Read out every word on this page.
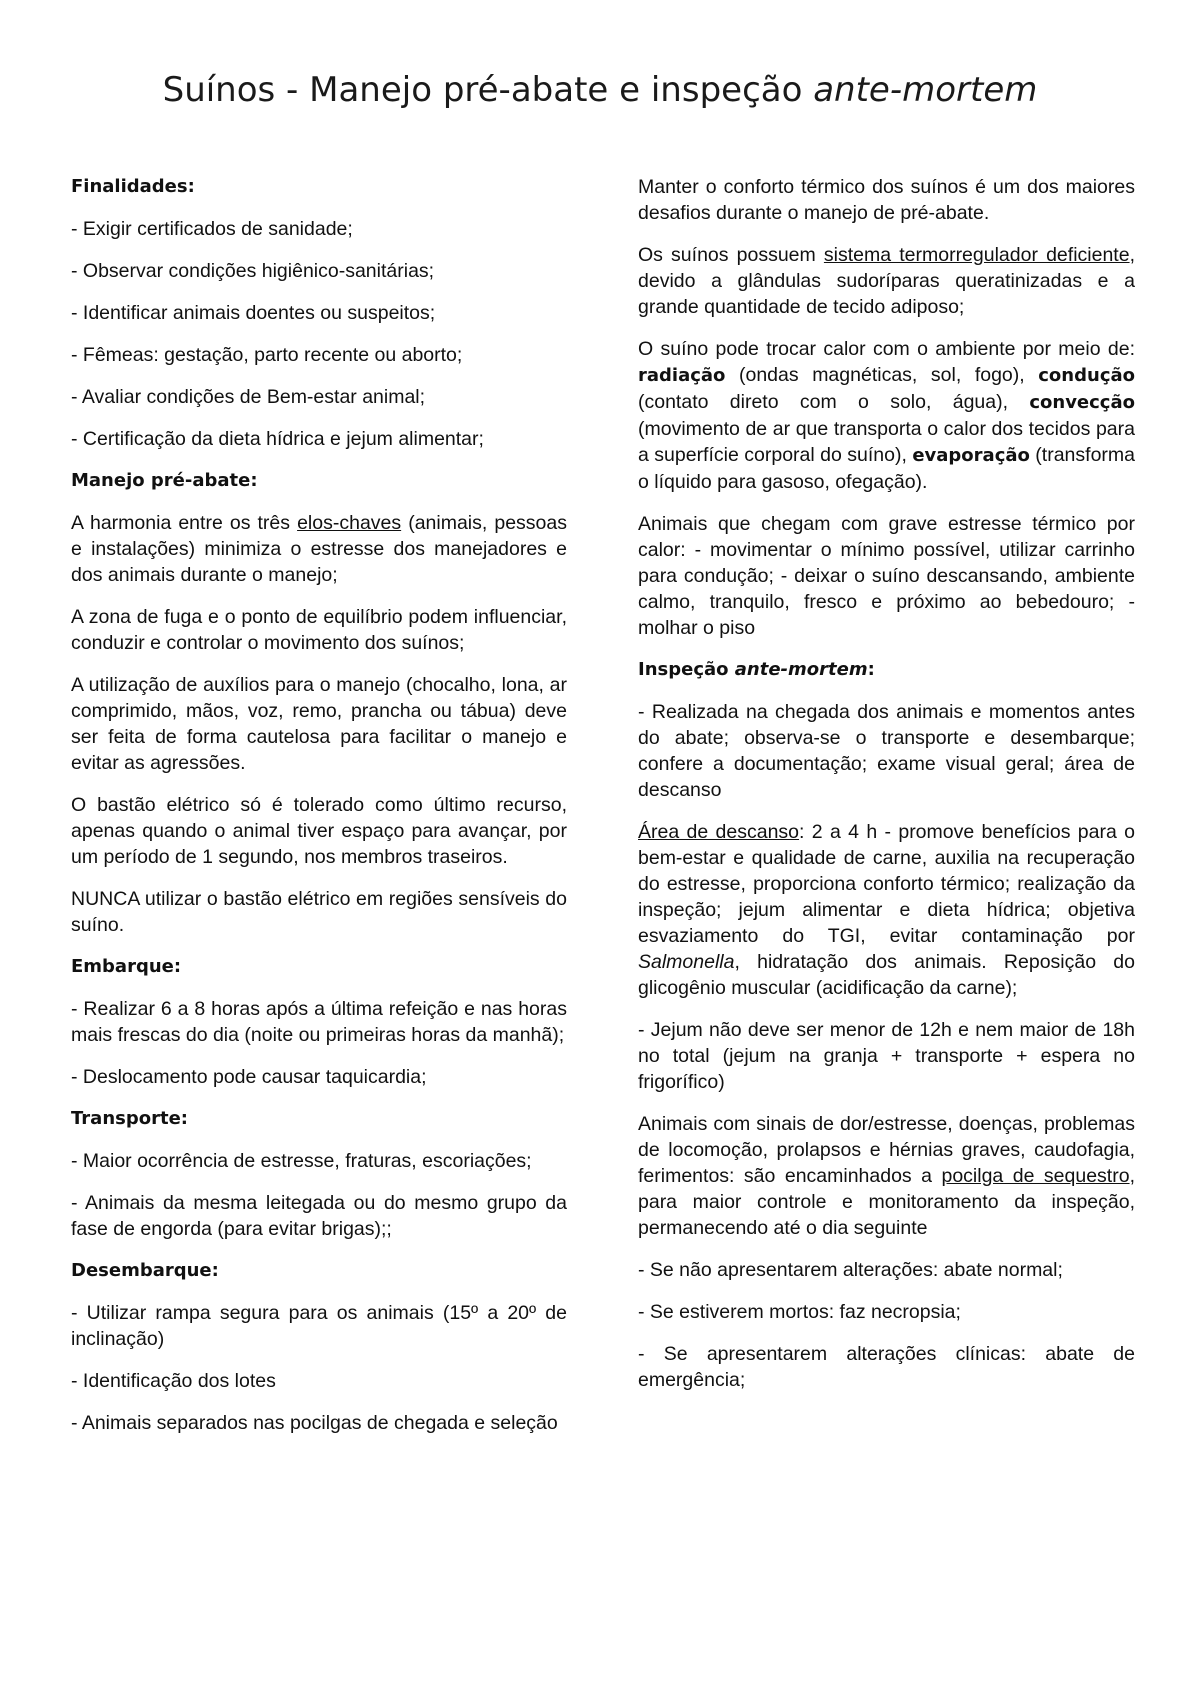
Suínos - Manejo pré-abate e inspeção ante-mortem

Finalidades:

- Exigir certificados de sanidade;

- Observar condições higiênico-sanitárias;

- Identificar animais doentes ou suspeitos;

- Fêmeas: gestação, parto recente ou aborto;

- Avaliar condições de Bem-estar animal;

- Certificação da dieta hídrica e jejum alimentar;

Manejo pré-abate:

A harmonia entre os três elos-chaves (animais, pessoas e instalações) minimiza o estresse dos manejadores e dos animais durante o manejo;

A zona de fuga e o ponto de equilíbrio podem influenciar, conduzir e controlar o movimento dos suínos;

A utilização de auxílios para o manejo (chocalho, lona, ar comprimido, mãos, voz, remo, prancha ou tábua) deve ser feita de forma cautelosa para facilitar o manejo e evitar as agressões.

O bastão elétrico só é tolerado como último recurso, apenas quando o animal tiver espaço para avançar, por um período de 1 segundo, nos membros traseiros.

NUNCA utilizar o bastão elétrico em regiões sensíveis do suíno.

Embarque:

- Realizar 6 a 8 horas após a última refeição e nas horas mais frescas do dia (noite ou primeiras horas da manhã);

- Deslocamento pode causar taquicardia;

Transporte:

- Maior ocorrência de estresse, fraturas, escoriações;

- Animais da mesma leitegada ou do mesmo grupo da fase de engorda (para evitar brigas);;

Desembarque:

- Utilizar rampa segura para os animais (15º a 20º de inclinação)

- Identificação dos lotes

- Animais separados nas pocilgas de chegada e seleção

Manter o conforto térmico dos suínos é um dos maiores desafios durante o manejo de pré-abate.

Os suínos possuem sistema termorregulador deficiente, devido a glândulas sudoríparas queratinizadas e a grande quantidade de tecido adiposo;

O suíno pode trocar calor com o ambiente por meio de: radiação (ondas magnéticas, sol, fogo), condução (contato direto com o solo, água), convecção (movimento de ar que transporta o calor dos tecidos para a superfície corporal do suíno), evaporação (transforma o líquido para gasoso, ofegação).

Animais que chegam com grave estresse térmico por calor: - movimentar o mínimo possível, utilizar carrinho para condução; - deixar o suíno descansando, ambiente calmo, tranquilo, fresco e próximo ao bebedouro; - molhar o piso

Inspeção ante-mortem:

- Realizada na chegada dos animais e momentos antes do abate; observa-se o transporte e desembarque; confere a documentação; exame visual geral; área de descanso

Área de descanso: 2 a 4 h - promove benefícios para o bem-estar e qualidade de carne, auxilia na recuperação do estresse, proporciona conforto térmico; realização da inspeção; jejum alimentar e dieta hídrica; objetiva esvaziamento do TGI, evitar contaminação por Salmonella, hidratação dos animais. Reposição do glicogênio muscular (acidificação da carne);

- Jejum não deve ser menor de 12h e nem maior de 18h no total (jejum na granja + transporte + espera no frigorífico)

Animais com sinais de dor/estresse, doenças, problemas de locomoção, prolapsos e hérnias graves, caudofagia, ferimentos: são encaminhados a pocilga de sequestro, para maior controle e monitoramento da inspeção, permanecendo até o dia seguinte

- Se não apresentarem alterações: abate normal;

- Se estiverem mortos: faz necropsia;

- Se apresentarem alterações clínicas: abate de emergência;
